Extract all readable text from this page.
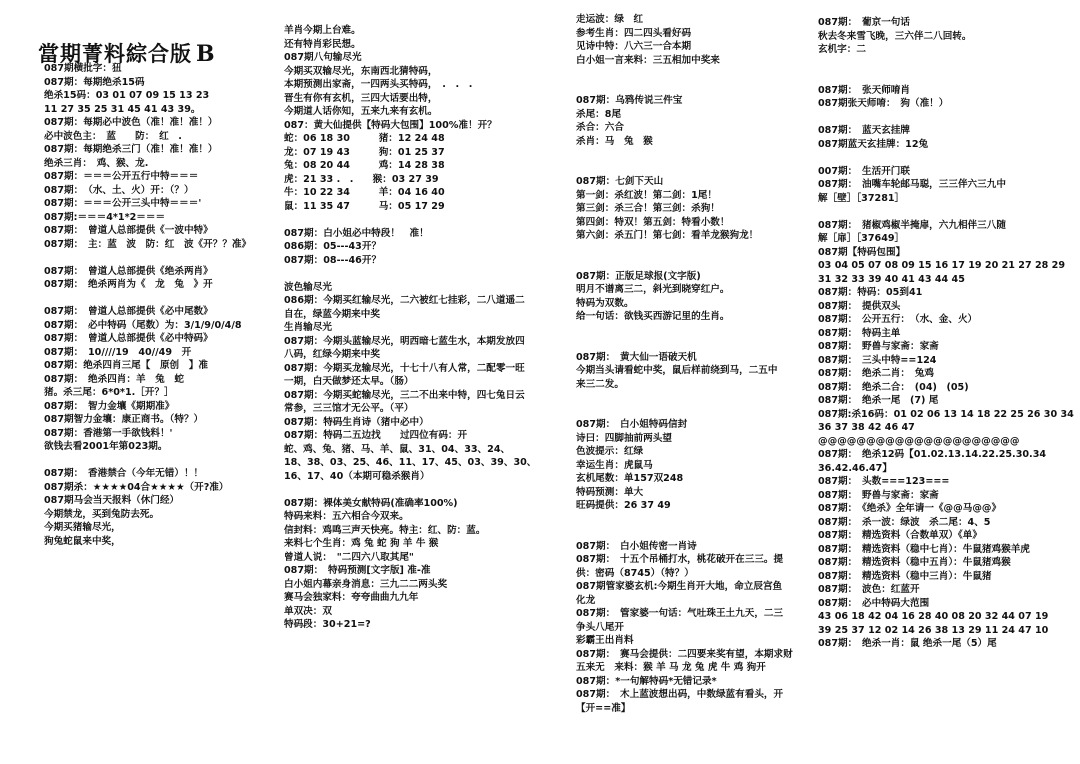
當期菁料綜合版 B
087期横批字：狃
087期：每期绝杀15码
绝杀15码：03 01 07 09 15 13 23
11 27 35 25 31 45 41 43 39。
087期：每期必中波色（准！准！准！）
必中波色主：　蓝　　防：　红　.
087期：每期绝杀三门（准！准！准！）
绝杀三肖：　鸡、猴、龙.
087期：＝＝＝公开五行中特＝＝＝
087期：　（水、土、火）开：（？）
087期：＝＝＝公开三头中特＝＝＝'
087期:＝＝＝4*1*2＝＝＝
087期：　曾道人总部提供《一波中特》
087期：　主：蓝　波　防：红　波《开？？准》
087期：　曾道人总部提供《绝杀两肖》
087期：　绝杀两肖为《　龙　兔　》开
087期：　曾道人总部提供《必中尾数》
087期：　必中特码（尾数）为：3/1/9/0/4/8
087期：　曾道人总部提供《必中特码》
087期：　10////19　40//49　开
087期：绝杀四肖三尾【　原创　】准
087期：　绝杀四肖：羊　兔　蛇
猪。杀三尾：6*0*1.［开？］
087期：　智力金壤《期期准》
087期智力金壤：康正商书。（特？）
087期：香港第一手欲钱料！'
欲钱去看2001年第023期。
087期：　香港禁合（今年无错）！！
087期杀：★★★★04合★★★★（开?准）
087期马会当天报料（休门经）
今期禁龙，买到兔防去死。
今期买猪输尽光，
狗兔蛇鼠来中奖，
羊肖今期上台难。
还有特肖彩民想。
087期八句输尽光
今期买双输尽光，东南西北猜特码，
本期预测出家斋，一四两头买特码，　.　.　.
晋生有你有玄机，三四大话要出特，
今期道人话你知，五来九来有玄机。
087：黄大仙提供【特码大包围】100%准！开？
蛇：06 18 30　　　猪：12 24 48
龙：07 19 43　　　狗：01 25 37
兔：08 20 44　　　鸡：14 28 38
虎：21 33 .　.　　猴：03 27 39
牛：10 22 34　　　羊：04 16 40
鼠：11 35 47　　　马：05 17 29
087期：白小姐必中特段！　准！
086期：05---43开？
087期：08---46开？
波色输尽光
086期：今期买红输尽光，二六被红七挂彩，二八道遥二
自在，绿蓝今期来中奖
生肖输尽光
087期：今期头蓝输尽光，明西暗七蓝生水，本期发放四
八码，红绿今期来中奖
087期：今期买龙输尽光，十七十八有人常，二配零一旺
一期，白天做梦还太早。（肠）
087期：今期买蛇输尽光，三二不出来中特，四七兔日云
常参，三三馆才无公平。（平）
087期：特码生肖诗（猪中必中）
087期：特码二五边找　　过四位有码：开
蛇、鸡、兔、猪、马、羊、鼠、31、04、33、24、
18、38、03、25、46、11、17、45、03、39、30、
16、17、40（本期可稳杀猴肖）
087期：裸体美女献特码(准确率100%)
特码来料：五六相合今双来。
信封料：鸡鸣三声天快亮。特主：红、防：蓝。
来料七个生肖：鸡 兔 蛇 狗 羊 牛 猴
曾道人说：　"二四六八取其尾"
087期：　特码预测[文字版] 准-准
白小姐内幕亲身消息：三九二二两头奖
赛马会独家料：夸夸曲曲九九年
单双决：双
特码段：30+21=?
走运波：绿　红
参考生肖：四二四头看好码
见诗中特：八六三一合本期
白小姐一言来料：三五相加中奖来
087期：乌鸦传说三件宝
杀尾：8尾
杀合：六合
杀肖：马　兔　猴
087期：七剑下天山
第一剑：杀红波！第二剑：1尾！
第三剑：杀三合！第三剑：杀狗！
第四剑：特双！第五剑：特看小数！
第六剑：杀五门！第七剑：看羊龙猴狗龙！
087期：正版足球报(文字版)
明月不谱离三二，斜光到晓穿红户。
特码为双数。
给一句话：欲钱买西游记里的生肖。
087期：　黄大仙一语破天机
今期当头请看蛇中奖，鼠后样前绕到马，二五中
来三二发。
087期：　白小姐特码信封
诗曰：四脚抽前两头望
色波提示：红绿
幸运生肖：虎鼠马
玄机尾数：单157双248
特码预测：单大
旺码提供：26 37 49
087期：　白小姐传密一肖诗
087期：　十五个吊桶打水，桃花破开在三三。提
供：密码（8745）（特？）
087期管家婆玄机:今期生肖开大地，命立辰宫鱼
化龙
087期：　管家婆一句话：气吐珠王土九天，二三
争头八尾开
彩霸王出肖料
087期：　赛马会提供：二四要来奖有望，本期求财
五来无　来料：猴 羊 马 龙 兔 虎 牛 鸡 狗开
087期：*一句解特码*无错记录*
087期：　木上蓝波想出码，中数绿蓝有看头，开
【开==准】
087期：　葡京一句话
秋去冬来雪飞晚，三六伴二八回转。
玄机字：二
087期：　张天师唷肖
087期张天师唷：　狗（准！）
087期：　蓝天玄挂牌
087期蓝天玄挂牌：12兔
007期：　生活开门联
087期：　油嘴车轮邮马聪，三三伴六三九中
解［壁］［37281］
087期：　猪椒鸡椒半掩扉，六九相伴三八随
解［扉］［37649］
087期【特码包围】
03 04 05 07 08 09 15 16 17 19 20 21 27 28 29
31 32 33 39 40 41 43 44 45
087期：特码：05到41
087期：　提供双头
087期：　公开五行：　（水、金、火）
087期：　特码主单
087期：　野兽与家斋：家斋
087期：　三头中特==124
087期：　绝杀二肖：　兔鸡
087期：　绝杀二合：　(04)　(05)
087期：　绝杀一尾　(7) 尾
087期:杀16码：01 02 06 13 14 18 22 25 26 30 34
36 37 38 42 46 47
@@@@@@@@@@@@@@@@@@@@@
087期：　绝杀12码【01.02.13.14.22.25.30.34
36.42.46.47】
087期：　头数===123===
087期：　野兽与家斋：家斋
087期：　《绝杀》全年请一《@@马@@》
087期：　杀一波：绿波　杀二尾：4、5
087期：　精选资料（合数单双）《单》
087期：　精选资料（稳中七肖）：牛鼠猪鸡猴羊虎
087期：　精选资料（稳中五肖）：牛鼠猪鸡猴
087期：　精选资料（稳中三肖）：牛鼠猪
087期：　波色：红蓝开
087期：　必中特码大范围
43 06 18 42 04 16 28 40 08 20 32 44 07 19
39 25 37 12 02 14 26 38 13 29 11 24 47 10
087期：　绝杀一肖：鼠 绝杀一尾（5）尾
